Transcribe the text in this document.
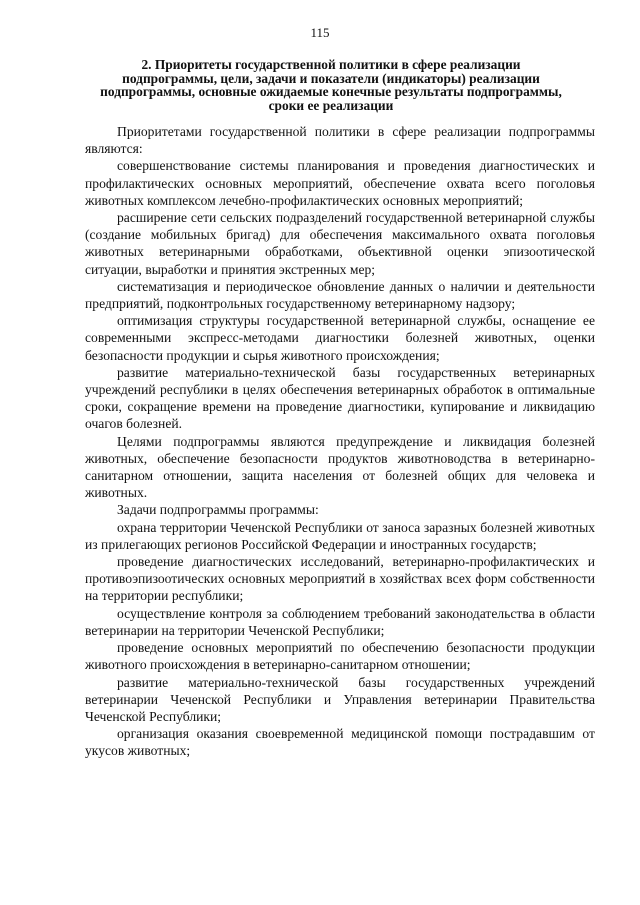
115
2. Приоритеты государственной политики в сфере реализации подпрограммы, цели, задачи и показатели (индикаторы) реализации подпрограммы, основные ожидаемые конечные результаты подпрограммы, сроки ее реализации

Приоритетами государственной политики в сфере реализации подпрограммы являются:

совершенствование системы планирования и проведения диагностических и профилактических основных мероприятий, обеспечение охвата всего поголовья животных комплексом лечебно-профилактических основных мероприятий;

расширение сети сельских подразделений государственной ветеринарной службы (создание мобильных бригад) для обеспечения максимального охвата поголовья животных ветеринарными обработками, объективной оценки эпизоотической ситуации, выработки и принятия экстренных мер;

систематизация и периодическое обновление данных о наличии и деятельности предприятий, подконтрольных государственному ветеринарному надзору;

оптимизация структуры государственной ветеринарной службы, оснащение ее современными экспресс-методами диагностики болезней животных, оценки безопасности продукции и сырья животного происхождения;

развитие материально-технической базы государственных ветеринарных учреждений республики в целях обеспечения ветеринарных обработок в оптимальные сроки, сокращение времени на проведение диагностики, купирование и ликвидацию очагов болезней.

Целями подпрограммы являются предупреждение и ликвидация болезней животных, обеспечение безопасности продуктов животноводства в ветеринарно-санитарном отношении, защита населения от болезней общих для человека и животных.

Задачи подпрограммы программы:

охрана территории Чеченской Республики от заноса заразных болезней животных из прилегающих регионов Российской Федерации и иностранных государств;

проведение диагностических исследований, ветеринарно-профилактических и противоэпизоотических основных мероприятий в хозяйствах всех форм собственности на территории республики;

осуществление контроля за соблюдением требований законодательства в области ветеринарии на территории Чеченской Республики;

проведение основных мероприятий по обеспечению безопасности продукции животного происхождения в ветеринарно-санитарном отношении;

развитие материально-технической базы государственных учреждений ветеринарии Чеченской Республики и Управления ветеринарии Правительства Чеченской Республики;

организация оказания своевременной медицинской помощи пострадавшим от укусов животных;
